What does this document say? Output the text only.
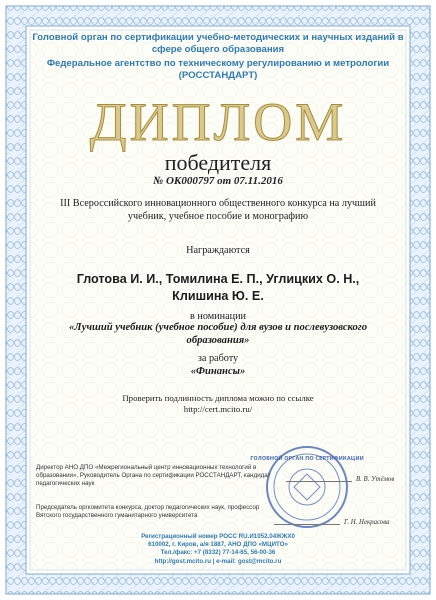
Головной орган по сертификации учебно-методических и научных изданий в сфере общего образования
Федеральное агентство по техническому регулированию и метрологии (РОССТАНДАРТ)
ДИПЛОМ
победителя
№ ОК000797 от 07.11.2016
III Всероссийского инновационного общественного конкурса на лучший учебник, учебное пособие и монографию
Награждаются
Глотова И. И., Томилина Е. П., Углицких О. Н.,
Клишина Ю. Е.
в номинации
«Лучший учебник (учебное пособие) для вузов и послевузовского образования»
за работу
«Финансы»
Проверить подлинность диплома можно по ссылке http://cert.mcito.ru/
ГОЛОВНОЙ ОРГАН ПО СЕРТИФИКАЦИИ
Директор АНО ДПО «Межрегиональный центр инновационных технологий в образовании», Руководитель Органа по сертификации РОССТАНДАРТ, кандидат педагогических наук
В. В. Утёмов
Председатель оргкомитета конкурса, доктор педагогических наук, профессор Вятского государственного гуманитарного университета
Г. Н. Некрасова
Регистрационный номер РОСС RU.И1052.04ЖЖХ0
610002, г. Киров, а/я 1887, АНО ДПО «МЦИТО»
Тел./факс: +7 (8332) 77-14-65, 56-00-36
http://gost.mcito.ru | e-mail: gost@mcito.ru
